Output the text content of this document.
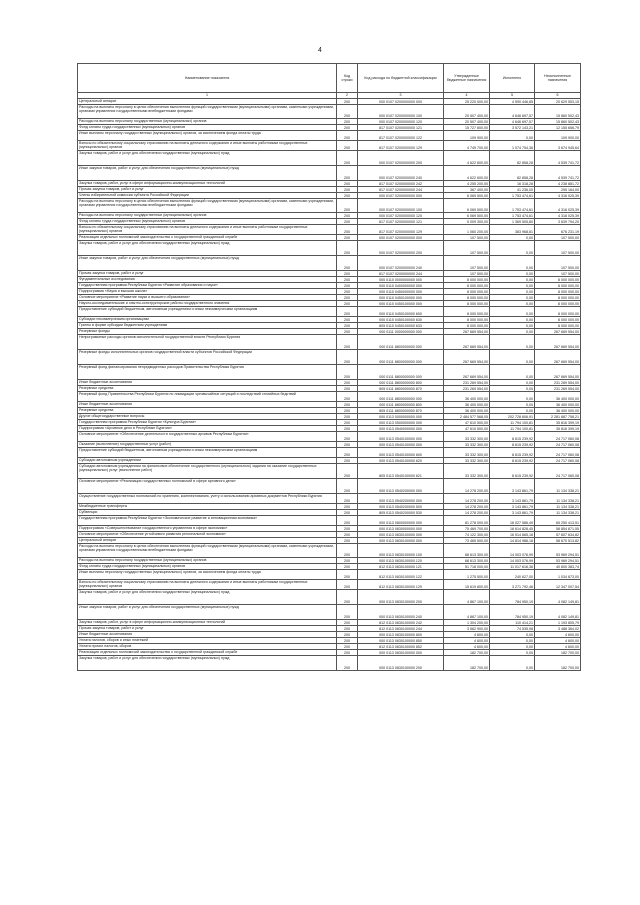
4
Наименование показателя	Код строки	Код расхода по бюджетной классификации	Утвержденные бюджетные назначения	Исполнено	Неисполненные назначения
1	2	3	4	5	6
Центральный аппарат	200	000 0107 0200000000 000	25 220 000,00	4 590 446,85	20 629 553,15
Расходы на выплаты персоналу в целях обеспечения выполнения функций государственными (муниципальными) органами, казенными учреждениями, органами управления государственными внебюджетными фондами	200	000 0107 0200000000 100	20 507 400,00	4 646 697,57	15 860 502,43
Расходы на выплаты персоналу государственных (муниципальных) органов	200	000 0107 0200000000 120	20 507 400,00	4 646 697,57	15 860 502,43
Фонд оплаты труда государственных (муниципальных) органов	200	817 0107 0200000000 121	15 727 800,00	3 572 143,21	12 155 656,79
Иные выплаты персоналу государственных (муниципальных) органов, за исключением фонда оплаты труда	200	817 0107 0200000000 122	109 900,00	0,00	109 900,00
Взносы по обязательному социальному страхованию на выплаты денежного содержания и иные выплаты работникам государственных (муниципальных) органов	200	817 0107 0200000000 129	4 749 700,00	1 074 754,36	3 674 945,64
Закупка товаров, работ и услуг для обеспечения государственных (муниципальных) нужд	200	000 0107 0200000000 200	4 622 600,00	82 858,28	4 539 741,72
Иные закупки товаров, работ и услуг для обеспечения государственных (муниципальных) нужд	200	000 0107 0200000000 240	4 622 600,00	82 858,28	4 539 741,72
Закупка товаров, работ, услуг в сфере информационно-коммуникационных технологий	200	817 0107 0200000000 242	4 255 200,00	16 318,28	4 238 881,72
Прочая закупка товаров, работ и услуг	200	817 0107 0200000000 244	367 400,00	41 236,00	295 164,00
Члены избирательной комиссии субъекта Российской Федерации	200	000 0107 0200000000 000	6 069 500,00	1 753 474,61	4 316 025,39
Расходы на выплаты персоналу в целях обеспечения выполнения функций государственными (муниципальными) органами, казенными учреждениями, органами управления государственными внебюджетными фондами	200	000 0107 0200000000 100	6 069 500,00	1 753 474,61	4 316 025,39
Расходы на выплаты персоналу государственных (муниципальных) органов	200	000 0107 0200000000 120	6 069 500,00	1 753 474,61	4 316 025,39
Фонд оплаты труда государственных (муниципальных) органов	200	817 0107 0200000000 121	5 009 300,00	1 369 505,80	3 639 794,20
Взносы по обязательному социальному страхованию на выплаты денежного содержания и иные выплаты работникам государственных (муниципальных) органов	200	817 0107 0200000000 129	1 060 200,00	383 968,81	676 231,19
Реализация отдельных полномочий законодательства о государственной гражданской службе	200	000 0107 0200000000 000	107 500,00	0,00	107 500,00
Закупка товаров, работ и услуг для обеспечения государственных (муниципальных) нужд	200	000 0107 0200000000 200	107 500,00	0,00	107 500,00
Иные закупки товаров, работ и услуг для обеспечения государственных (муниципальных) нужд	200	000 0107 0200000000 240	107 500,00	0,00	107 500,00
Прочая закупка товаров, работ и услуг	200	817 0107 0200000000 244	107 500,00	0,00	107 500,00
Фундаментальные исследования	200	000 0110 0000000000 000	8 000 000,00	0,00	8 000 000,00
Государственная программа Республики Бурятия «Развитие образования и науки»	200	000 0110 0400000000 000	8 000 000,00	0,00	8 000 000,00
Подпрограмма «Наука и высшая школа»	200	000 0110 0450000000 000	8 000 000,00	0,00	8 000 000,00
Основное мероприятие «Развитие науки и высшего образования»	200	000 0110 0450100000 000	8 000 000,00	0,00	8 000 000,00
Научно-исследовательские и опытно-конструкторские работы государственного значения	200	000 0110 0450100000 000	8 000 000,00	0,00	8 000 000,00
Предоставление субсидий бюджетным, автономным учреждениям и иным некоммерческим организациям	200	000 0110 0450100000 600	8 000 000,00	0,00	8 000 000,00
Субсидии некоммерческим организациям	200	000 0110 0450100000 630	8 000 000,00	0,00	8 000 000,00
Гранты в форме субсидии бюджетным учреждениям	200	805 0110 0450100000 633	8 000 000,00	0,00	8 000 000,00
Резервные фонды	200	000 0111 0000000000 000	267 669 554,00	0,00	267 669 554,00
Непрограммные расходы органов исполнительной государственной власти Республики Бурятия	200	000 0111 8800000000 000	267 669 554,00	0,00	267 669 554,00
Резервные фонды исполнительных органов государственной власти субъектов Российской Федерации	200	000 0111 8800000000 000	267 669 554,00	0,00	267 669 554,00
Резервный фонд финансирования непредвиденных расходов Правительства Республики Бурятия	200	000 0111 8800000000 000	267 669 554,00	0,00	267 669 554,00
Иные бюджетные ассигнования	200	000 0111 8800000000 800	231 269 554,00	0,00	231 269 554,00
Резервные средства	200	805 0111 8800000000 870	231 269 554,00	0,00	231 269 554,00
Резервный фонд Правительства Республики Бурятия по ликвидации чрезвычайных ситуаций и последствий стихийных бедствий	200	000 0111 8800000000 000	36 400 000,00	0,00	36 400 000,00
Иные бюджетные ассигнования	200	000 0111 8800000000 800	36 400 000,00	0,00	36 400 000,00
Резервные средства	200	805 0111 8800000000 870	36 400 000,00	0,00	36 400 000,00
Другие общегосударственные вопросы	200	000 0113 0000000000 000	2 484 577 568,05	202 728 606,91	2 281 887 758,21
Государственная программа Республики Бурятия «Культура Бурятии»	200	000 0113 0500000000 000	47 610 500,00	11 794 100,81	35 816 399,19
Подпрограмма «Архивное дело в Республике Бурятия»	200	000 0113 0540000000 000	47 610 500,00	11 794 100,81	35 816 399,19
Основное мероприятие «Обеспечение деятельности государственных архивов Республики Бурятия»	200	000 0113 0540100000 000	33 332 300,00	8 615 239,92	24 717 060,08
Оказание (выполнение) государственных услуг (работ)	200	000 0113 0540100000 000	33 332 300,00	8 615 239,92	24 717 060,08
Предоставление субсидий бюджетным, автономным учреждениям и иным некоммерческим организациям	200	000 0113 0540100000 600	33 332 300,00	8 615 239,92	24 717 060,08
Субсидии автономным учреждениям	200	000 0113 0540100000 620	33 332 300,00	8 615 239,92	24 717 060,08
Субсидии автономным учреждениям на финансовое обеспечение государственного (муниципального) задания на оказание государственных (муниципальных) услуг (выполнение работ)	200	805 0113 0540100000 621	33 332 300,00	8 615 239,92	24 717 060,08
Основное мероприятие «Реализация государственных полномочий в сфере архивного дела»	200	000 0113 0540200000 000	14 278 200,00	3 143 861,79	11 134 338,21
Осуществление государственных полномочий по хранению, комплектованию, учету и использованию архивных документов Республики Бурятия	200	000 0113 0540200000 000	14 278 200,00	3 143 861,79	11 134 338,21
Межбюджетные трансферты	200	000 0113 0540200000 500	14 278 200,00	3 143 861,79	11 134 338,21
Субвенции	200	805 0113 0540200000 530	14 278 200,00	3 143 861,79	11 134 338,21
Государственная программа Республики Бурятия «Экономическое развитие и инновационная экономика»	200	000 0113 0800000000 000	81 278 000,00	16 027 586,49	65 250 413,51
Подпрограмма «Совершенствование государственного управления в сфере экономики»	200	000 0113 0830000000 000	75 469 700,00	16 614 828,45	58 854 871,55
Основное мероприятие «Обеспечение устойчивого развития региональной экономики»	200	000 0113 0830100000 000	74 122 300,00	16 514 665,18	57 607 634,82
Центральный аппарат	200	000 0113 0830100000 000	73 465 500,00	14 814 986,18	58 670 513,82
Расходы на выплаты персоналу в целях обеспечения выполнения функций государственными (муниципальными) органами, казенными учреждениями, органами управления государственными внебюджетными фондами	200	000 0113 0830100000 100	68 613 300,00	14 003 076,99	53 969 294,51
Расходы на выплаты персоналу государственных (муниципальных) органов	200	000 0113 0830100000 120	68 613 300,00	14 003 076,99	53 969 294,51
Фонд оплаты труда государственных (муниципальных) органов	200	812 0113 0830100000 121	51 718 000,00	11 017 616,36	40 600 383,74
Иные выплаты персоналу государственных (муниципальных) органов, за исключением фонда оплаты труда	200	812 0113 0830100000 122	1 275 500,00	240 627,00	1 034 873,00
Взносы по обязательному социальному страхованию на выплаты денежного содержания и иные выплаты работникам государственных (муниципальных) органов	200	812 0113 0830100000 129	15 619 800,00	3 271 792,46	12 347 007,54
Закупка товаров, работ и услуг для обеспечения государственных (муниципальных) нужд	200	000 0113 0830100000 200	4 867 100,00	784 950,19	4 082 149,81
Иные закупки товаров, работ и услуг для обеспечения государственных (муниципальных) нужд	200	000 0113 0830100000 240	4 867 100,00	784 950,19	4 082 149,81
Закупка товаров, работ, услуг в сфере информационно-коммуникационных технологий	200	812 0113 0830100000 242	1 304 200,00	110 414,21	1 193 805,79
Прочая закупка товаров, работ и услуг	200	812 0113 0830100000 244	3 562 900,00	74 535,98	3 488 364,02
Иные бюджетные ассигнования	200	000 0113 0830100000 800	4 600,00	0,00	4 600,00
Уплата налогов, сборов и иных платежей	200	000 0113 0830100000 850	4 600,00	0,00	4 600,00
Уплата прочих налогов, сборов	200	812 0113 0830100000 852	4 600,00	0,00	4 600,00
Реализация отдельных полномочий законодательства о государственной гражданской службе	200	000 0113 0830100000 000	182 700,00	0,00	182 700,00
Закупка товаров, работ и услуг для обеспечения государственных (муниципальных) нужд	200	000 0113 0830100000 200	182 700,00	0,00	182 700,00
